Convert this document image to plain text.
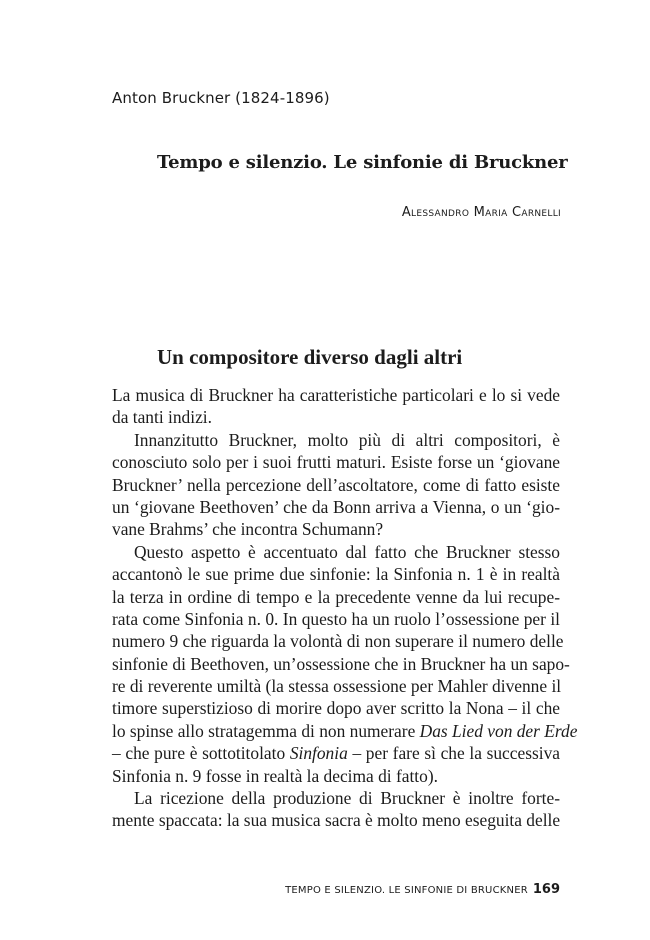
Anton Bruckner (1824-1896)
Tempo e silenzio. Le sinfonie di Bruckner
Alessandro Maria Carnelli
Un compositore diverso dagli altri
La musica di Bruckner ha caratteristiche particolari e lo si vede
da tanti indizi.
Innanzitutto Bruckner, molto più di altri compositori, è
conosciuto solo per i suoi frutti maturi. Esiste forse un ‘giovane
Bruckner’ nella percezione dell’ascoltatore, come di fatto esiste
un ‘giovane Beethoven’ che da Bonn arriva a Vienna, o un ‘gio-
vane Brahms’ che incontra Schumann?
Questo aspetto è accentuato dal fatto che Bruckner stesso
accantonò le sue prime due sinfonie: la Sinfonia n. 1 è in realtà
la terza in ordine di tempo e la precedente venne da lui recupe-
rata come Sinfonia n. 0. In questo ha un ruolo l’ossessione per il
numero 9 che riguarda la volontà di non superare il numero delle
sinfonie di Beethoven, un’ossessione che in Bruckner ha un sapo-
re di reverente umiltà (la stessa ossessione per Mahler divenne il
timore superstizioso di morire dopo aver scritto la Nona – il che
lo spinse allo stratagemma di non numerare Das Lied von der Erde
– che pure è sottotitolato Sinfonia – per fare sì che la successiva
Sinfonia n. 9 fosse in realtà la decima di fatto).
La ricezione della produzione di Bruckner è inoltre forte-
mente spaccata: la sua musica sacra è molto meno eseguita delle
TEMPO E SILENZIO. LE SINFONIE DI BRUCKNER 169
